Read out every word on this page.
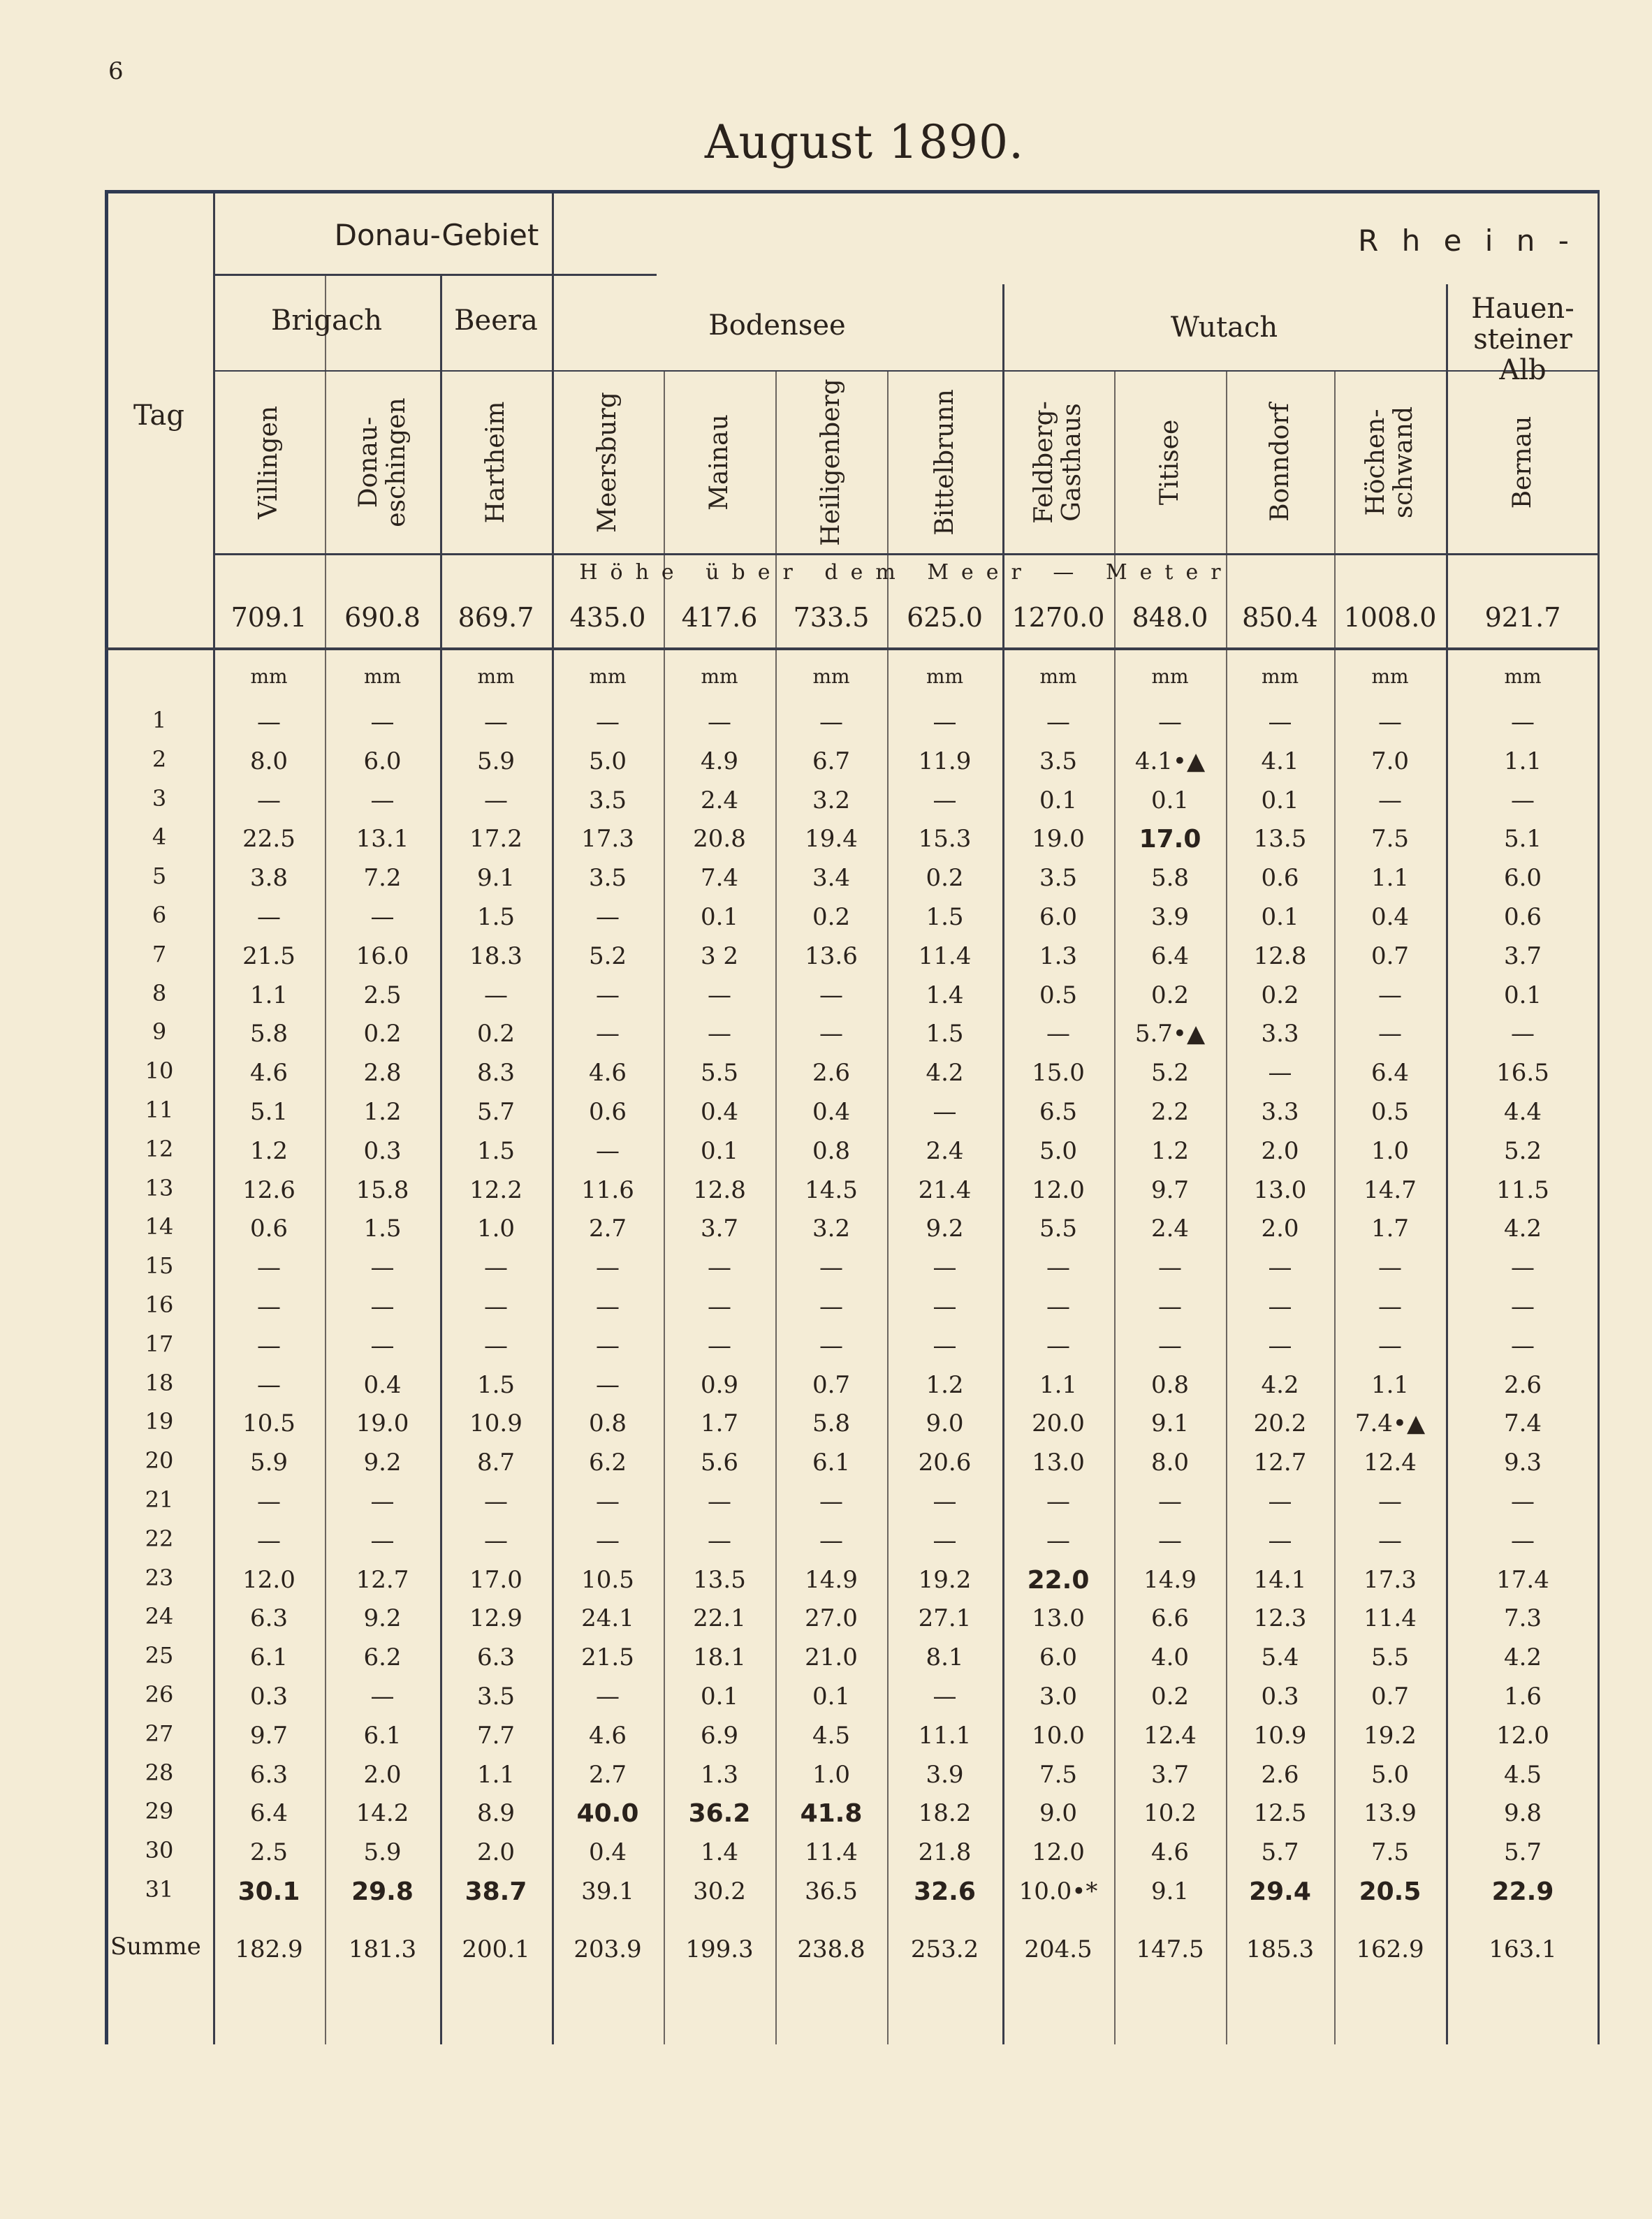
6
August 1890.
Donau-Gebiet	R h e i n -
Tag
Brigach	Beera	Bodensee	Wutach
Hauen-
steiner Alb
Villingen	Donau-
eschingen	Hartheim	Meersburg	Mainau	Heiligenberg	Bittelbrunn	Feldberg-
Gasthaus	Titisee	Bonndorf	Höchen-
schwand	Bernau
Höhe über dem Meer — Meter
709.1	690.8	869.7	435.0	417.6	733.5	625.0	1270.0	848.0	850.4 1008.0	921.7
mm	mm	mm	mm	mm	mm	mm	mm	mm	mm	mm	mm
1	—	—	—	—	—	—	—	—	—	—	—	—
2	8.0	6.0	5.9	5.0	4.9	6.7	11.9	3.5	4.1•▲	4.1	7.0	1.1
3	—	—	—	3.5	2.4	3.2	—	0.1	0.1	0.1	—	—
4	22.5	13.1	17.2	17.3	20.8	19.4	15.3	19.0	17.0	13.5	7.5	5.1
5	3.8	7.2	9.1	3.5	7.4	3.4	0.2	3.5	5.8	0.6	1.1	6.0
6	—	—	1.5	—	0.1	0.2	1.5	6.0	3.9	0.1	0.4	0.6
7	21.5	16.0	18.3	5.2	3 2	13.6	11.4	1.3	6.4	12.8	0.7	3.7
8	1.1	2.5	—	—	—	—	1.4	0.5	0.2	0.2	—	0.1
9	5.8	0.2	0.2	—	—	—	1.5	—	5.7•▲	3.3	—	—
10	4.6	2.8	8.3	4.6	5.5	2.6	4.2	15.0	5.2	—	6.4	16.5
11	5.1	1.2	5.7	0.6	0.4	0.4	—	6.5	2.2	3.3	0.5	4.4
12	1.2	0.3	1.5	—	0.1	0.8	2.4	5.0	1.2	2.0	1.0	5.2
13	12.6	15.8	12.2	11.6	12.8	14.5	21.4	12.0	9.7	13.0	14.7	11.5
14	0.6	1.5	1.0	2.7	3.7	3.2	9.2	5.5	2.4	2.0	1.7	4.2
15	—	—	—	—	—	—	—	—	—	—	—	—
16	—	—	—	—	—	—	—	—	—	—	—	—
17	—	—	—	—	—	—	—	—	—	—	—	—
18	—	0.4	1.5	—	0.9	0.7	1.2	1.1	0.8	4.2	1.1	2.6
19	10.5	19.0	10.9	0.8	1.7	5.8	9.0	20.0	9.1	20.2	7.4•▲	7.4
20	5.9	9.2	8.7	6.2	5.6	6.1	20.6	13.0	8.0	12.7	12.4	9.3
21	—	—	—	—	—	—	—	—	—	—	—	—
22	—	—	—	—	—	—	—	—	—	—	—	—
23	12.0	12.7	17.0	10.5	13.5	14.9	19.2	22.0	14.9	14.1	17.3	17.4
24	6.3	9.2	12.9	24.1	22.1	27.0	27.1	13.0	6.6	12.3	11.4	7.3
25	6.1	6.2	6.3	21.5	18.1	21.0	8.1	6.0	4.0	5.4	5.5	4.2
26	0.3	—	3.5	—	0.1	0.1	—	3.0	0.2	0.3	0.7	1.6
27	9.7	6.1	7.7	4.6	6.9	4.5	11.1	10.0	12.4	10.9	19.2	12.0
28	6.3	2.0	1.1	2.7	1.3	1.0	3.9	7.5	3.7	2.6	5.0	4.5
29	6.4	14.2	8.9	40.0	36.2	41.8	18.2	9.0	10.2	12.5	13.9	9.8
30	2.5	5.9	2.0	0.4	1.4	11.4	21.8	12.0	4.6	5.7	7.5	5.7
31	30.1	29.8	38.7	39.1	30.2	36.5	32.6	10.0•*	9.1	29.4	20.5	22.9
Summe	182.9	181.3	200.1	203.9	199.3	238.8	253.2	204.5	147.5	185.3	162.9	163.1
